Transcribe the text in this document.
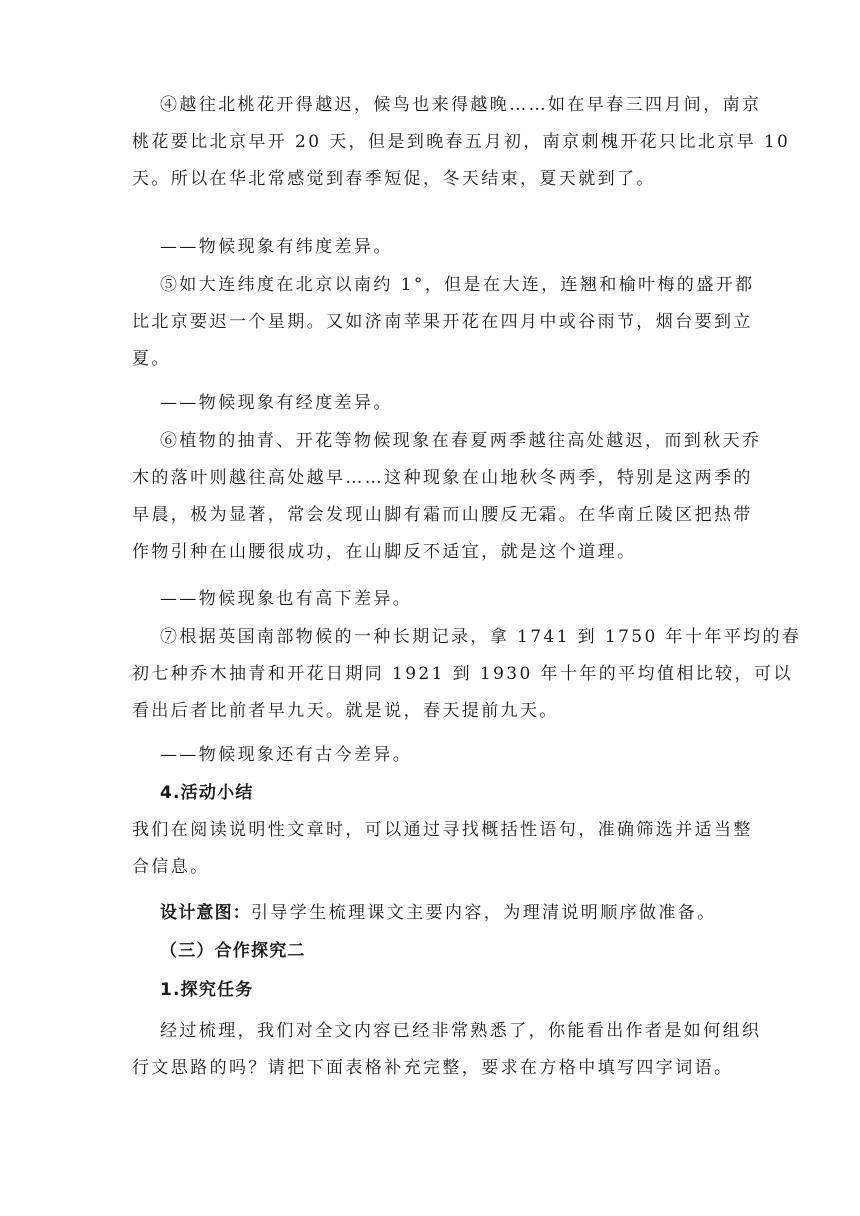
④越往北桃花开得越迟，候鸟也来得越晚……如在早春三四月间，南京
桃花要比北京早开 20 天，但是到晚春五月初，南京刺槐开花只比北京早 10
天。所以在华北常感觉到春季短促，冬天结束，夏天就到了。

——物候现象有纬度差异。

⑤如大连纬度在北京以南约 1°，但是在大连，连翘和榆叶梅的盛开都
比北京要迟一个星期。又如济南苹果开花在四月中或谷雨节，烟台要到立
夏。

——物候现象有经度差异。

⑥植物的抽青、开花等物候现象在春夏两季越往高处越迟，而到秋天乔
木的落叶则越往高处越早……这种现象在山地秋冬两季，特别是这两季的
早晨，极为显著，常会发现山脚有霜而山腰反无霜。在华南丘陵区把热带
作物引种在山腰很成功，在山脚反不适宜，就是这个道理。

——物候现象也有高下差异。

⑦根据英国南部物候的一种长期记录，拿 1741 到 1750 年十年平均的春
初七种乔木抽青和开花日期同 1921 到 1930 年十年的平均值相比较，可以
看出后者比前者早九天。就是说，春天提前九天。

——物候现象还有古今差异。

4.活动小结

我们在阅读说明性文章时，可以通过寻找概括性语句，准确筛选并适当整
合信息。

设计意图：引导学生梳理课文主要内容，为理清说明顺序做准备。

（三）合作探究二

1.探究任务

经过梳理，我们对全文内容已经非常熟悉了，你能看出作者是如何组织
行文思路的吗？请把下面表格补充完整，要求在方格中填写四字词语。
